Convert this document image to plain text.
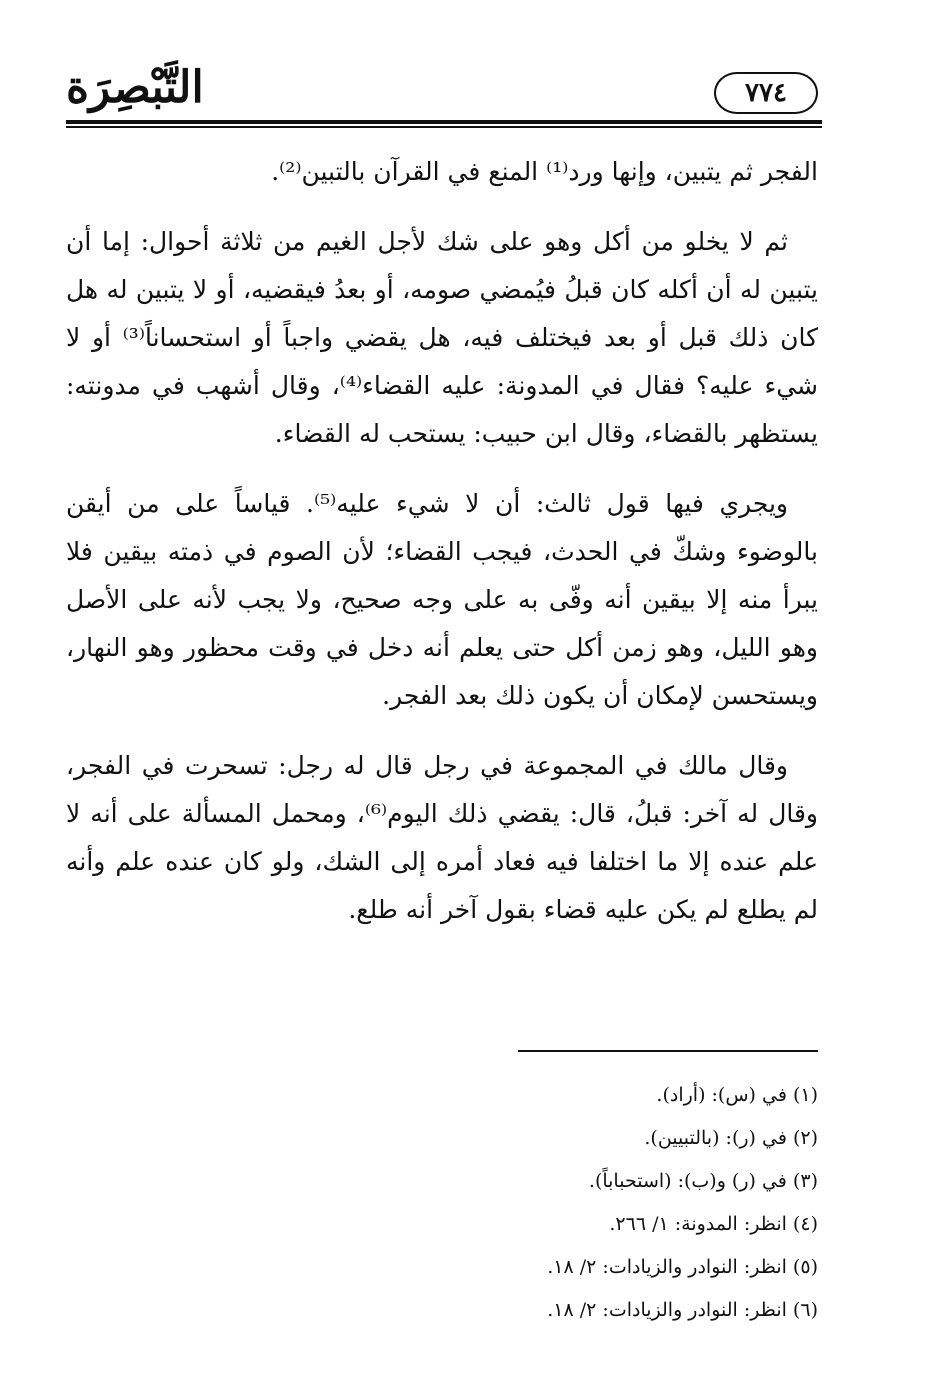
التَّبْصِرَة	٧٧٤

الفجر ثم يتبين، وإنها ورد⁽¹⁾ المنع في القرآن بالتبين⁽²⁾.

ثم لا يخلو من أكل وهو على شك لأجل الغيم من ثلاثة أحوال: إما أن يتبين له أن أكله كان قبلُ فيُمضي صومه، أو بعدُ فيقضيه، أو لا يتبين له هل كان ذلك قبل أو بعد فيختلف فيه، هل يقضي واجباً أو استحساناً⁽³⁾ أو لا شيء عليه؟ فقال في المدونة: عليه القضاء⁽⁴⁾، وقال أشهب في مدونته: يستظهر بالقضاء، وقال ابن حبيب: يستحب له القضاء.

ويجري فيها قول ثالث: أن لا شيء عليه⁽⁵⁾. قياساً على من أيقن بالوضوء وشكّ في الحدث، فيجب القضاء؛ لأن الصوم في ذمته بيقين فلا يبرأ منه إلا بيقين أنه وفّى به على وجه صحيح، ولا يجب لأنه على الأصل وهو الليل، وهو زمن أكل حتى يعلم أنه دخل في وقت محظور وهو النهار، ويستحسن لإمكان أن يكون ذلك بعد الفجر.

وقال مالك في المجموعة في رجل قال له رجل: تسحرت في الفجر، وقال له آخر: قبلُ، قال: يقضي ذلك اليوم⁽⁶⁾، ومحمل المسألة على أنه لا علم عنده إلا ما اختلفا فيه فعاد أمره إلى الشك، ولو كان عنده علم وأنه لم يطلع لم يكن عليه قضاء بقول آخر أنه طلع.

(١) في (س): (أراد).

(٢) في (ر): (بالتبيين).

(٣) في (ر) و(ب): (استحباباً).

(٤) انظر: المدونة: ١/ ٢٦٦.

(٥) انظر: النوادر والزيادات: ٢/ ١٨.

(٦) انظر: النوادر والزيادات: ٢/ ١٨.
